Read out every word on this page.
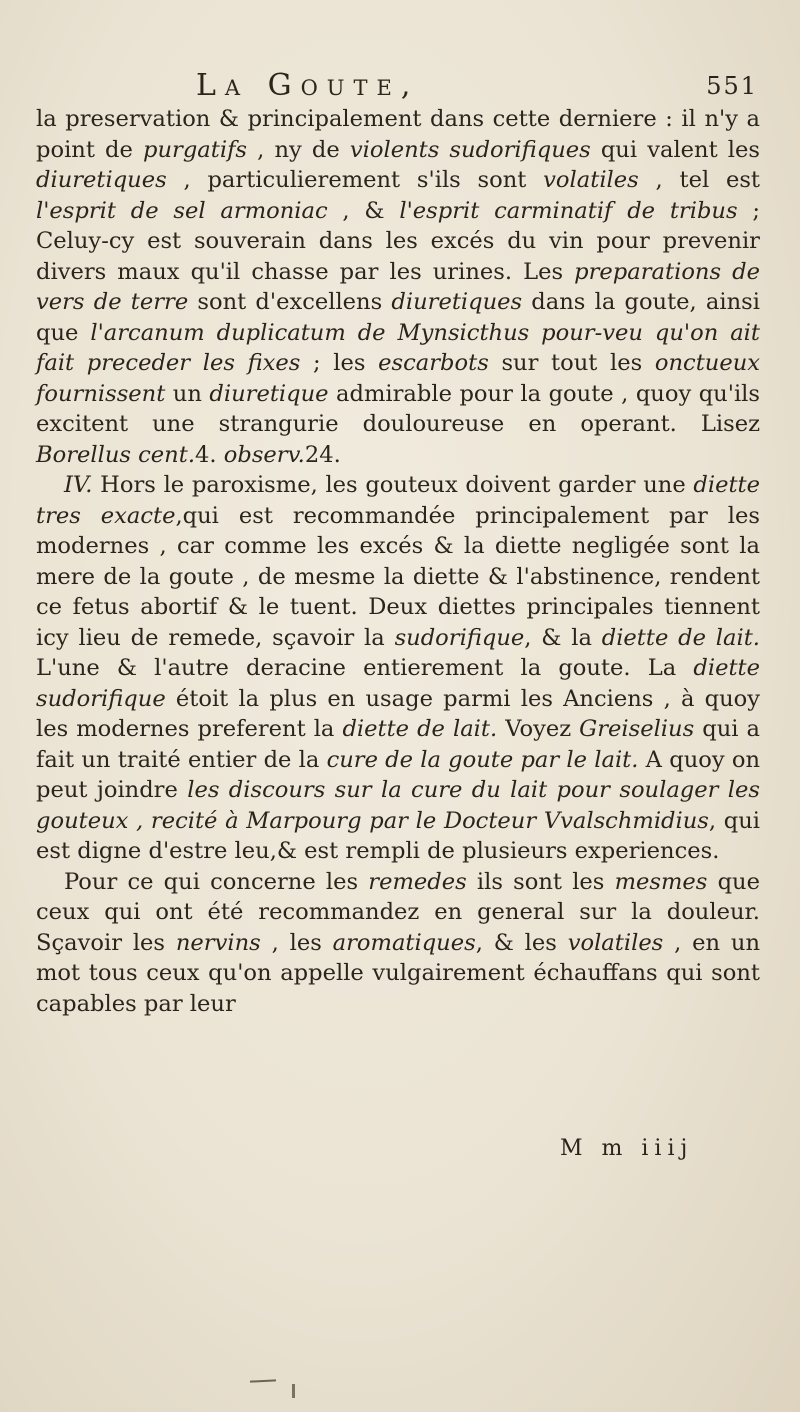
La Goute,	551

la preservation & principalement dans cette derniere : il n'y a point de purgatifs , ny de violents sudorifiques qui valent les diuretiques , particulierement s'ils sont volatiles , tel est l'esprit de sel armoniac , & l'esprit carminatif de tribus ; Celuy-cy est souverain dans les excés du vin pour prevenir divers maux qu'il chasse par les urines. Les preparations de vers de terre sont d'excellens diuretiques dans la goute, ainsi que l'arcanum duplicatum de Mynsicthus pour-veu qu'on ait fait preceder les fixes ; les escarbots sur tout les onctueux fournissent un diuretique admirable pour la goute , quoy qu'ils excitent une strangurie douloureuse en operant. Lisez Borellus cent.4. observ.24.

IV. Hors le paroxisme, les gouteux doivent garder une diette tres exacte,qui est recommandée principalement par les modernes , car comme les excés & la diette negligée sont la mere de la goute , de mesme la diette & l'abstinence, rendent ce fetus abortif & le tuent. Deux diettes principales tiennent icy lieu de remede, sçavoir la sudorifique, & la diette de lait. L'une & l'autre deracine entierement la goute. La diette sudorifique étoit la plus en usage parmi les Anciens , à quoy les modernes preferent la diette de lait. Voyez Greiselius qui a fait un traité entier de la cure de la goute par le lait. A quoy on peut joindre les discours sur la cure du lait pour soulager les gouteux , recité à Marpourg par le Docteur Vvalschmidius, qui est digne d'estre leu,& est rempli de plusieurs experiences.

Pour ce qui concerne les remedes ils sont les mesmes que ceux qui ont été recommandez en general sur la douleur. Sçavoir les nervins , les aromatiques, & les volatiles , en un mot tous ceux qu'on appelle vulgairement échauffans qui sont capables par leur

M m iiij
